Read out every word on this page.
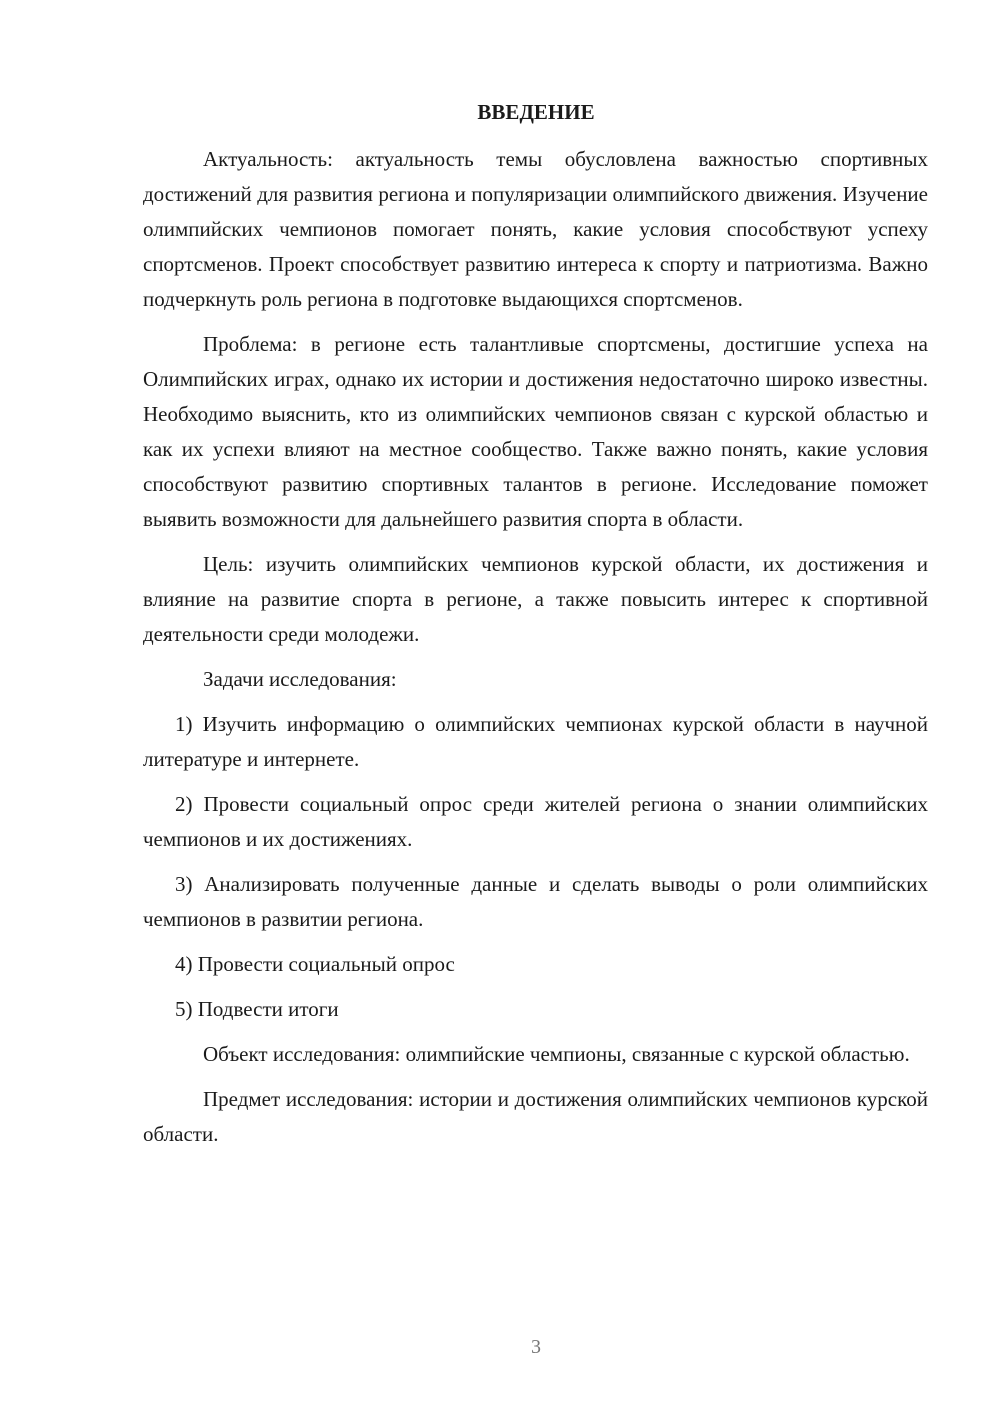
ВВЕДЕНИЕ

Актуальность: актуальность темы обусловлена важностью спортивных достижений для развития региона и популяризации олимпийского движения. Изучение олимпийских чемпионов помогает понять, какие условия способствуют успеху спортсменов. Проект способствует развитию интереса к спорту и патриотизма. Важно подчеркнуть роль региона в подготовке выдающихся спортсменов.

Проблема: в регионе есть талантливые спортсмены, достигшие успеха на Олимпийских играх, однако их истории и достижения недостаточно широко известны. Необходимо выяснить, кто из олимпийских чемпионов связан с курской областью и как их успехи влияют на местное сообщество. Также важно понять, какие условия способствуют развитию спортивных талантов в регионе. Исследование поможет выявить возможности для дальнейшего развития спорта в области.

Цель: изучить олимпийских чемпионов курской области, их достижения и влияние на развитие спорта в регионе, а также повысить интерес к спортивной деятельности среди молодежи.

Задачи исследования:

1) Изучить информацию о олимпийских чемпионах курской области в научной литературе и интернете.

2) Провести социальный опрос среди жителей региона о знании олимпийских чемпионов и их достижениях.

3) Анализировать полученные данные и сделать выводы о роли олимпийских чемпионов в развитии региона.

4) Провести социальный опрос

5) Подвести итоги

Объект исследования: олимпийские чемпионы, связанные с курской областью.

Предмет исследования: истории и достижения олимпийских чемпионов курской области.

3
